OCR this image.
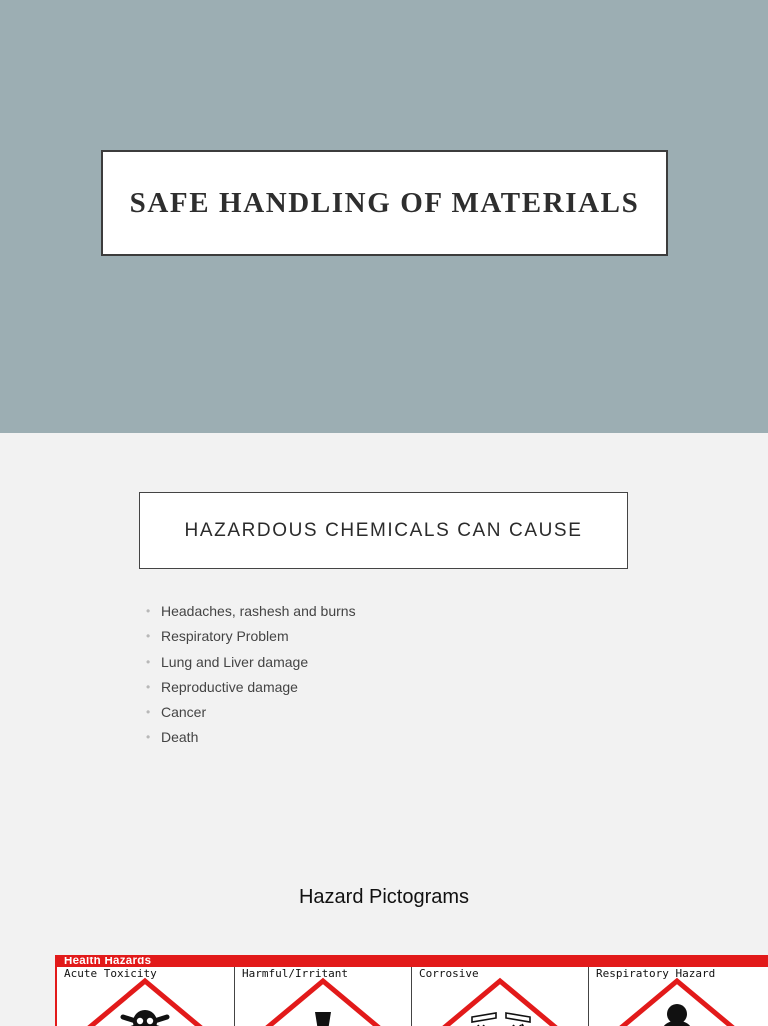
SAFE HANDLING OF MATERIALS
HAZARDOUS CHEMICALS CAN CAUSE
• Headaches, rashesh and burns
• Respiratory Problem
• Lung and Liver damage
• Reproductive damage
• Cancer
• Death
Hazard Pictograms
Health Hazards
Acute Toxicity	Harmful/Irritant	Corrosive	Respiratory Hazard
